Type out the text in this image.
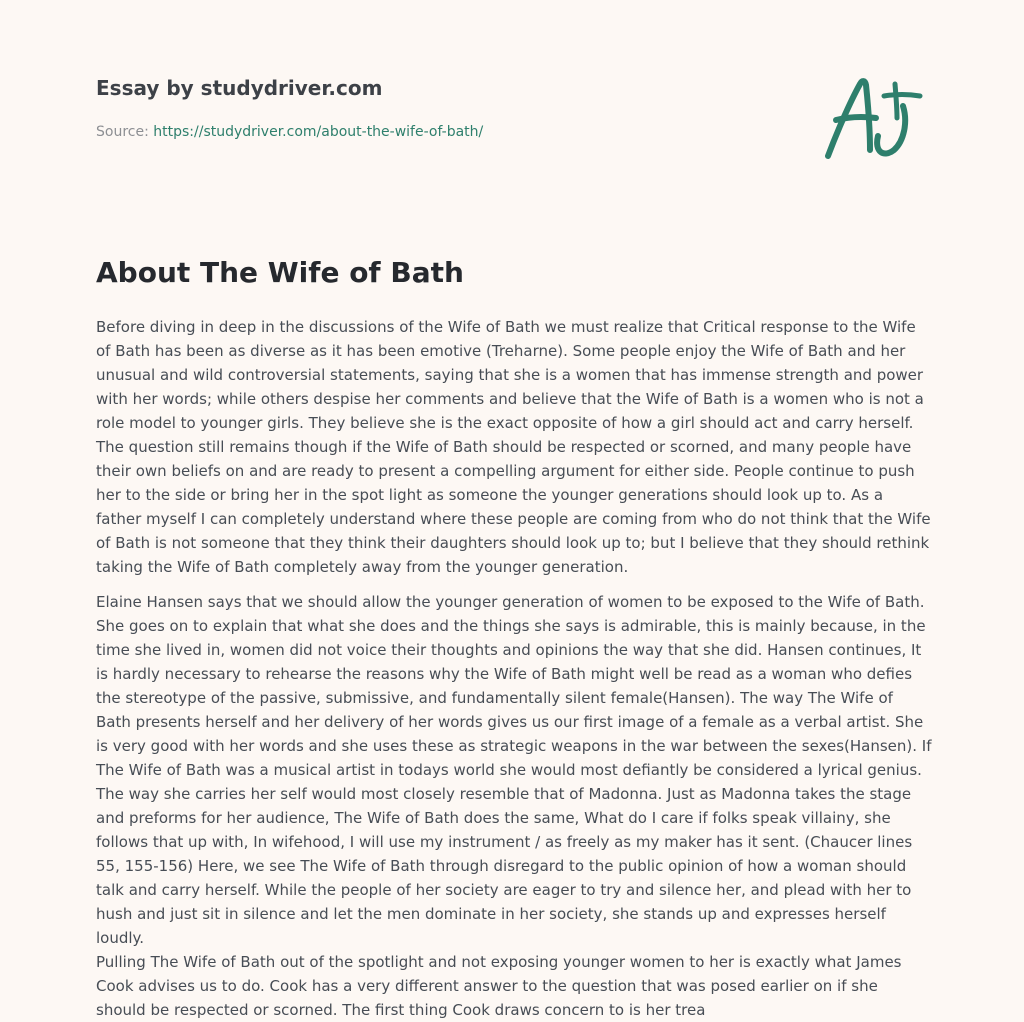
Essay by studydriver.com
Source: https://studydriver.com/about-the-wife-of-bath/
About The Wife of Bath

Before diving in deep in the discussions of the Wife of Bath we must realize that Critical response to the Wife of Bath has been as diverse as it has been emotive (Treharne). Some people enjoy the Wife of Bath and her unusual and wild controversial statements, saying that she is a women that has immense strength and power with her words; while others despise her comments and believe that the Wife of Bath is a women who is not a role model to younger girls. They believe she is the exact opposite of how a girl should act and carry herself. The question still remains though if the Wife of Bath should be respected or scorned, and many people have their own beliefs on and are ready to present a compelling argument for either side. People continue to push her to the side or bring her in the spot light as someone the younger generations should look up to. As a father myself I can completely understand where these people are coming from who do not think that the Wife of Bath is not someone that they think their daughters should look up to; but I believe that they should rethink taking the Wife of Bath completely away from the younger generation.

Elaine Hansen says that we should allow the younger generation of women to be exposed to the Wife of Bath. She goes on to explain that what she does and the things she says is admirable, this is mainly because, in the time she lived in, women did not voice their thoughts and opinions the way that she did. Hansen continues, It is hardly necessary to rehearse the reasons why the Wife of Bath might well be read as a woman who defies the stereotype of the passive, submissive, and fundamentally silent female(Hansen). The way The Wife of Bath presents herself and her delivery of her words gives us our first image of a female as a verbal artist. She is very good with her words and she uses these as strategic weapons in the war between the sexes(Hansen). If The Wife of Bath was a musical artist in todays world she would most defiantly be considered a lyrical genius. The way she carries her self would most closely resemble that of Madonna. Just as Madonna takes the stage and preforms for her audience, The Wife of Bath does the same, What do I care if folks speak villainy, she follows that up with, In wifehood, I will use my instrument / as freely as my maker has it sent. (Chaucer lines 55, 155-156) Here, we see The Wife of Bath through disregard to the public opinion of how a woman should talk and carry herself. While the people of her society are eager to try and silence her, and plead with her to hush and just sit in silence and let the men dominate in her society, she stands up and expresses herself loudly.

Pulling The Wife of Bath out of the spotlight and not exposing younger women to her is exactly what James Cook advises us to do. Cook has a very different answer to the question that was posed earlier on if she should be respected or scorned. The first thing Cook draws concern to is her trea
